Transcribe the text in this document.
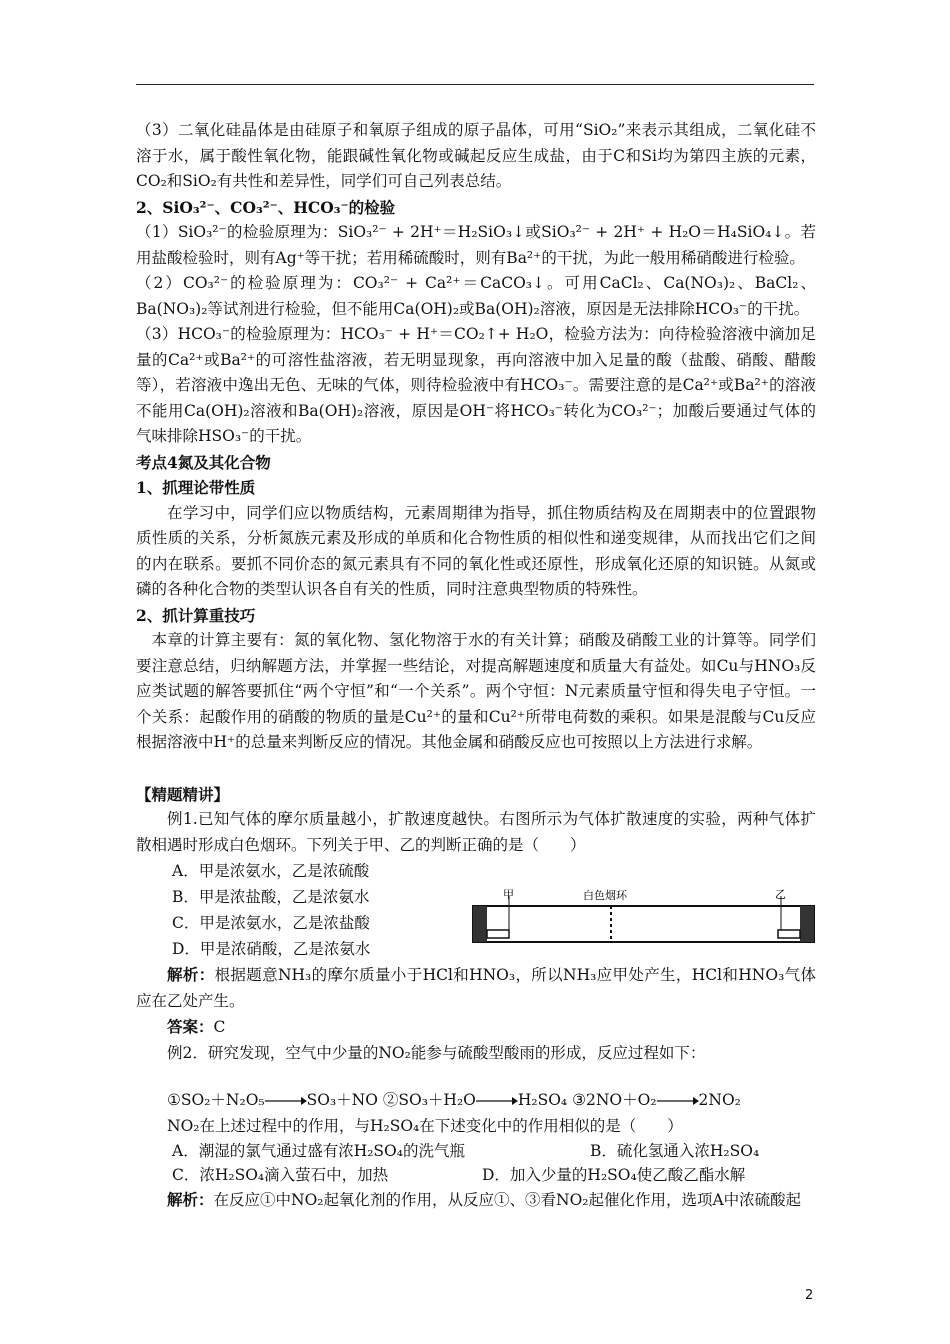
（3）二氧化硅晶体是由硅原子和氧原子组成的原子晶体，可用“SiO₂”来表示其组成，二氧化硅不溶于水，属于酸性氧化物，能跟碱性氧化物或碱起反应生成盐，由于C和Si均为第四主族的元素，CO₂和SiO₂有共性和差异性，同学们可自己列表总结。

2、SiO₃²⁻、CO₃²⁻、HCO₃⁻的检验

（1）SiO₃²⁻的检验原理为：SiO₃²⁻ + 2H⁺＝H₂SiO₃↓或SiO₃²⁻ + 2H⁺ + H₂O＝H₄SiO₄↓。若用盐酸检验时，则有Ag⁺等干扰；若用稀硫酸时，则有Ba²⁺的干扰，为此一般用稀硝酸进行检验。

（2）CO₃²⁻的检验原理为：CO₃²⁻ + Ca²⁺＝CaCO₃↓。可用CaCl₂、Ca(NO₃)₂、BaCl₂、Ba(NO₃)₂等试剂进行检验，但不能用Ca(OH)₂或Ba(OH)₂溶液，原因是无法排除HCO₃⁻的干扰。

（3）HCO₃⁻的检验原理为：HCO₃⁻ + H⁺＝CO₂↑+ H₂O，检验方法为：向待检验溶液中滴加足量的Ca²⁺或Ba²⁺的可溶性盐溶液，若无明显现象，再向溶液中加入足量的酸（盐酸、硝酸、醋酸等），若溶液中逸出无色、无味的气体，则待检验液中有HCO₃⁻。需要注意的是Ca²⁺或Ba²⁺的溶液不能用Ca(OH)₂溶液和Ba(OH)₂溶液，原因是OH⁻将HCO₃⁻转化为CO₃²⁻；加酸后要通过气体的气味排除HSO₃⁻的干扰。

考点4氮及其化合物

1、抓理论带性质

在学习中，同学们应以物质结构，元素周期律为指导，抓住物质结构及在周期表中的位置跟物质性质的关系，分析氮族元素及形成的单质和化合物性质的相似性和递变规律，从而找出它们之间的内在联系。要抓不同价态的氮元素具有不同的氧化性或还原性，形成氧化还原的知识链。从氮或磷的各种化合物的类型认识各自有关的性质，同时注意典型物质的特殊性。

2、抓计算重技巧

本章的计算主要有：氮的氧化物、氢化物溶于水的有关计算；硝酸及硝酸工业的计算等。同学们要注意总结，归纳解题方法，并掌握一些结论，对提高解题速度和质量大有益处。如Cu与HNO₃反应类试题的解答要抓住“两个守恒”和“一个关系”。两个守恒：N元素质量守恒和得失电子守恒。一个关系：起酸作用的硝酸的物质的量是Cu²⁺的量和Cu²⁺所带电荷数的乘积。如果是混酸与Cu反应根据溶液中H⁺的总量来判断反应的情况。其他金属和硝酸反应也可按照以上方法进行求解。

【精题精讲】

例1.已知气体的摩尔质量越小，扩散速度越快。右图所示为气体扩散速度的实验，两种气体扩散相遇时形成白色烟环。下列关于甲、乙的判断正确的是（　　）

A．甲是浓氨水，乙是浓硫酸

B．甲是浓盐酸，乙是浓氨水

C．甲是浓氨水，乙是浓盐酸

D．甲是浓硝酸，乙是浓氨水

甲	白色烟环	乙

解析：根据题意NH₃的摩尔质量小于HCl和HNO₃，所以NH₃应甲处产生，HCl和HNO₃气体应在乙处产生。

答案：C

例2．研究发现，空气中少量的NO₂能参与硫酸型酸雨的形成，反应过程如下：

①SO₂＋N₂O₅	SO₃＋NO ②SO₃＋H₂O	H₂SO₄ ③2NO＋O₂	2NO₂

NO₂在上述过程中的作用，与H₂SO₄在下述变化中的作用相似的是（　　）

A．潮湿的氯气通过盛有浓H₂SO₄的洗气瓶	B．硫化氢通入浓H₂SO₄
C．浓H₂SO₄滴入萤石中，加热	D．加入少量的H₂SO₄使乙酸乙酯水解

解析：在反应①中NO₂起氧化剂的作用，从反应①、③看NO₂起催化作用，选项A中浓硫酸起

2
